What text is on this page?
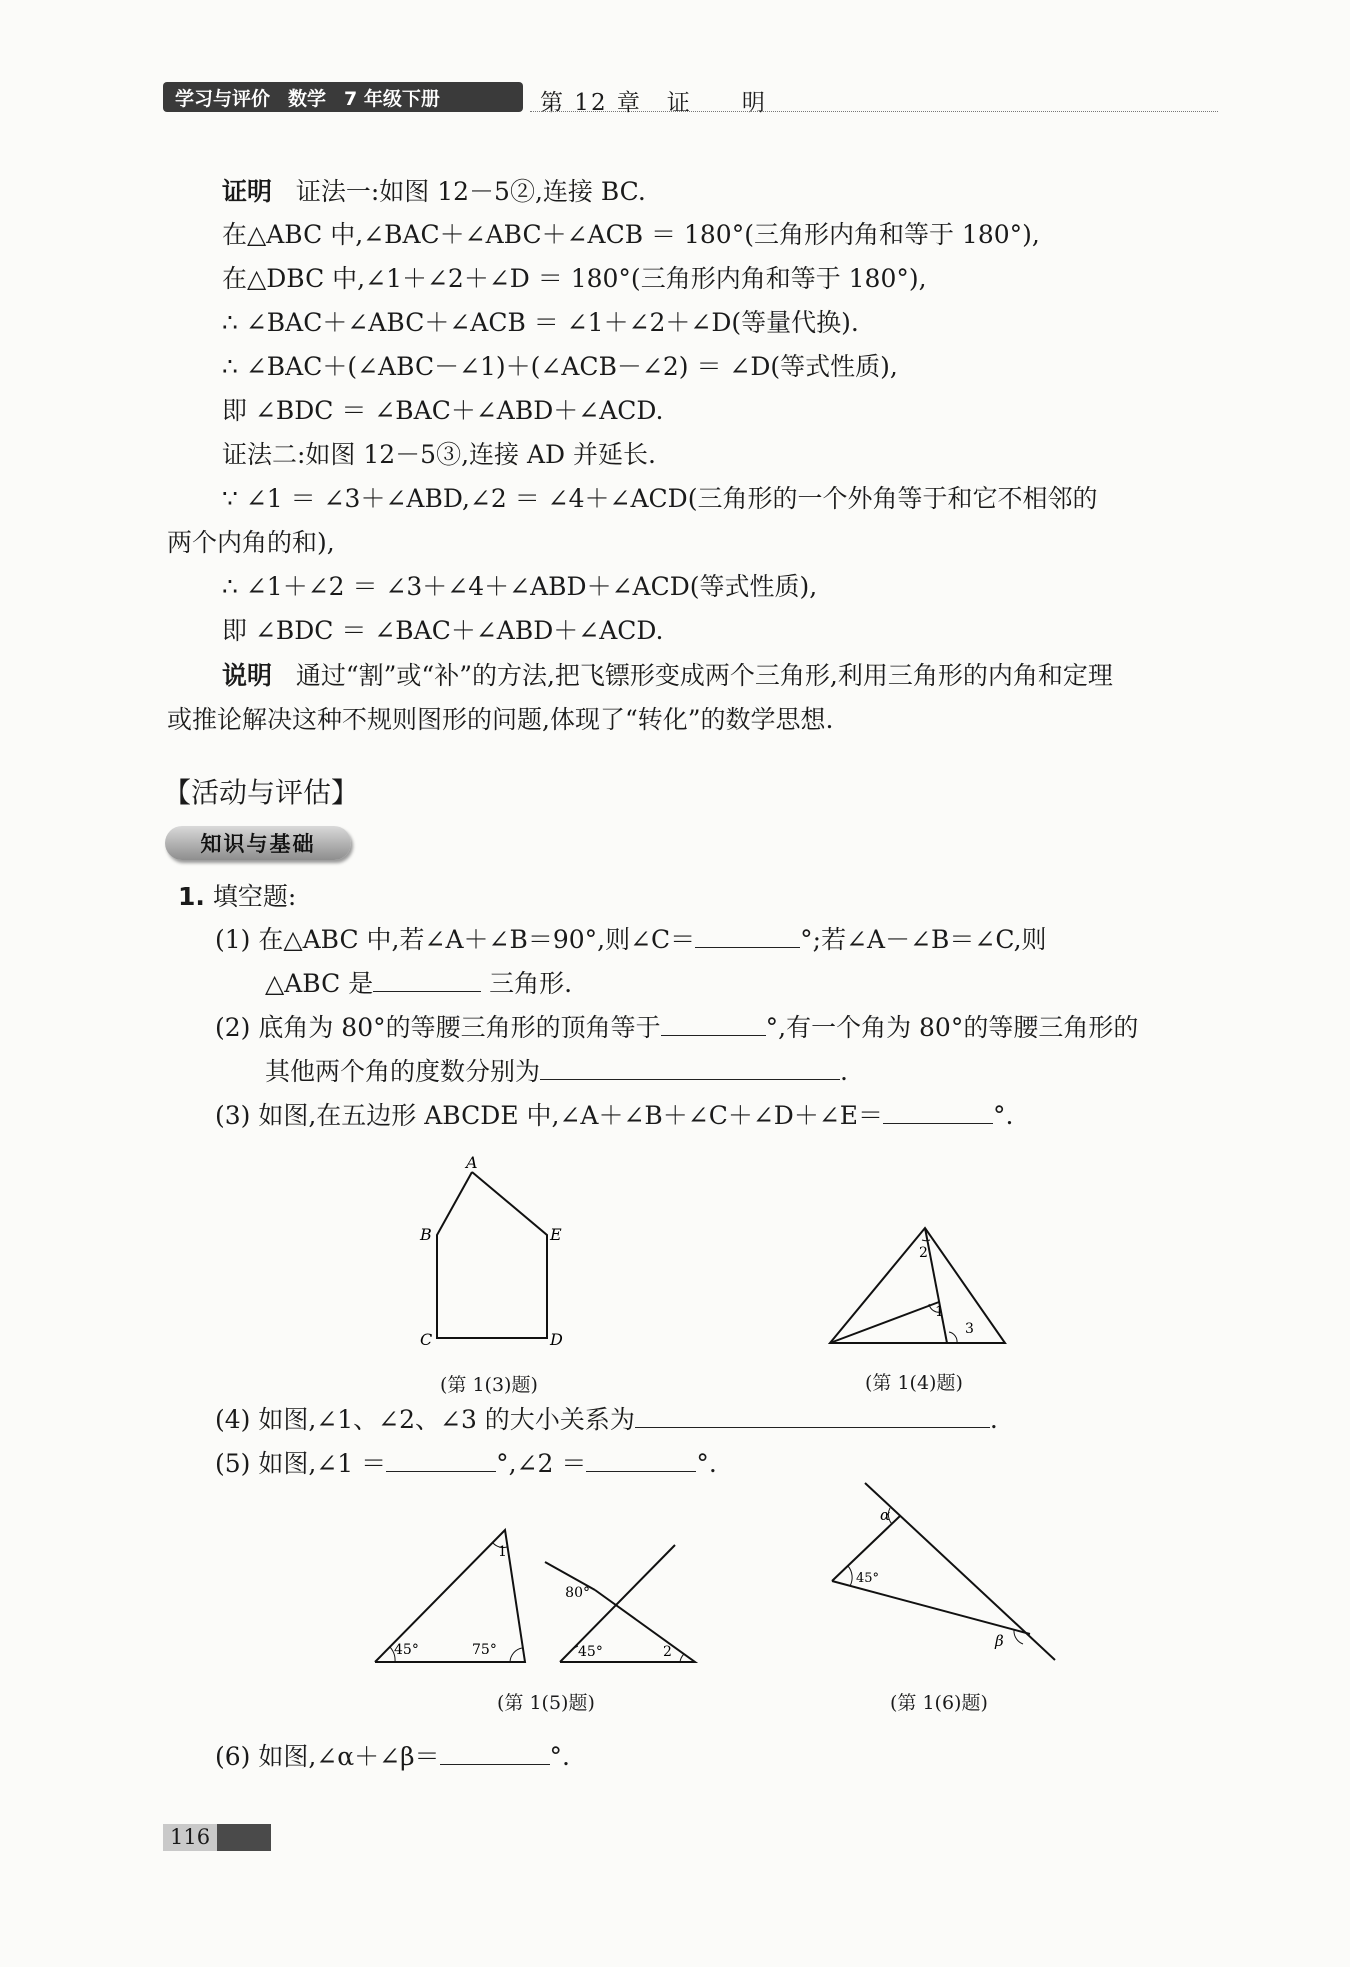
学习与评价 数学 7 年级下册	第 12 章　证　　明
证明 证法一:如图 12－5②,连接 BC.
在△ABC 中,∠BAC＋∠ABC＋∠ACB ＝ 180°(三角形内角和等于 180°),
在△DBC 中,∠1＋∠2＋∠D ＝ 180°(三角形内角和等于 180°),
∴ ∠BAC＋∠ABC＋∠ACB ＝ ∠1＋∠2＋∠D(等量代换).
∴ ∠BAC＋(∠ABC－∠1)＋(∠ACB－∠2) ＝ ∠D(等式性质),
即 ∠BDC ＝ ∠BAC＋∠ABD＋∠ACD.
证法二:如图 12－5③,连接 AD 并延长.
∵ ∠1 ＝ ∠3＋∠ABD,∠2 ＝ ∠4＋∠ACD(三角形的一个外角等于和它不相邻的
两个内角的和),
∴ ∠1＋∠2 ＝ ∠3＋∠4＋∠ABD＋∠ACD(等式性质),
即 ∠BDC ＝ ∠BAC＋∠ABD＋∠ACD.
说明 通过“割”或“补”的方法,把飞镖形变成两个三角形,利用三角形的内角和定理
或推论解决这种不规则图形的问题,体现了“转化”的数学思想.
【活动与评估】
知识与基础
1. 填空题:
(1) 在△ABC 中,若∠A＋∠B＝90°,则∠C＝	°;若∠A－∠B＝∠C,则
△ABC 是	三角形.
(2) 底角为 80°的等腰三角形的顶角等于	°,有一个角为 80°的等腰三角形的
其他两个角的度数分别为	.
(3) 如图,在五边形 ABCDE 中,∠A＋∠B＋∠C＋∠D＋∠E＝	°.
A
B	E
C	D
(第 1(3)题)
2
1
3
(第 1(4)题)
(4) 如图,∠1、∠2、∠3 的大小关系为	.
(5) 如图,∠1 ＝	°,∠2 ＝	°.
1
45°	75°
80°
45°	2
(第 1(5)题)
α
45°
β
(第 1(6)题)
(6) 如图,∠α＋∠β＝	°.
116
